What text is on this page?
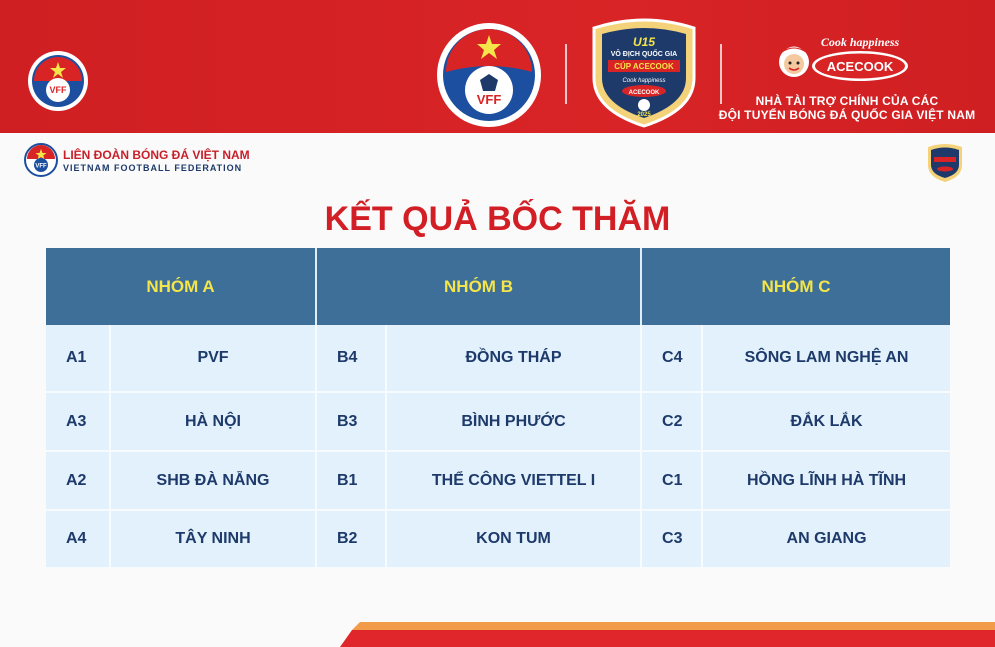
VFF
VFF
U15
VÔ ĐỊCH QUỐC GIA
CÚP ACECOOK
Cook happiness
ACECOOK
2025
Cook happiness
ACECOOK
NHÀ TÀI TRỢ CHÍNH CỦA CÁC
ĐỘI TUYỂN BÓNG ĐÁ QUỐC GIA VIỆT NAM
VFF
LIÊN ĐOÀN BÓNG ĐÁ VIỆT NAM
VIETNAM FOOTBALL FEDERATION
KẾT QUẢ BỐC THĂM
NHÓM A		NHÓM B		NHÓM C	
A1	PVF	B4	ĐỒNG THÁP	C4	SÔNG LAM NGHỆ AN
A3	HÀ NỘI	B3	BÌNH PHƯỚC	C2	ĐẮK LẮK
A2	SHB ĐÀ NẴNG	B1	THỂ CÔNG VIETTEL I	C1	HỒNG LĨNH HÀ TĨNH
A4	TÂY NINH	B2	KON TUM	C3	AN GIANG
